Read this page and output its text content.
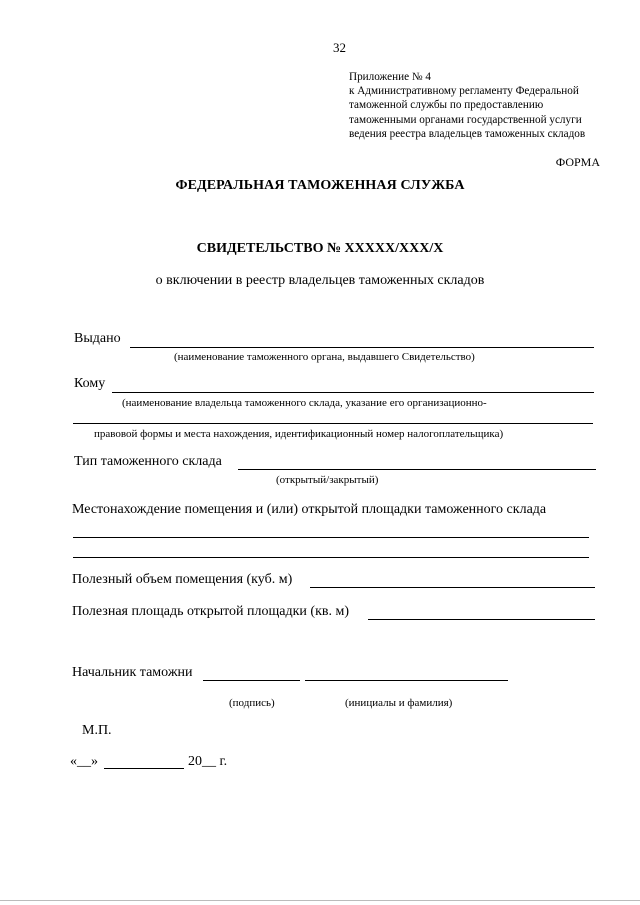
32
Приложение № 4
к Административному регламенту Федеральной
таможенной службы по предоставлению
таможенными органами государственной услуги
ведения реестра владельцев таможенных складов
ФОРМА
ФЕДЕРАЛЬНАЯ ТАМОЖЕННАЯ СЛУЖБА
СВИДЕТЕЛЬСТВО № XXXXX/XXX/X
о включении в реестр владельцев таможенных складов
Выдано
(наименование таможенного органа, выдавшего Свидетельство)
Кому
(наименование владельца таможенного склада, указание его организационно-
правовой формы и места нахождения, идентификационный номер налогоплательщика)
Тип таможенного склада
(открытый/закрытый)
Местонахождение помещения и (или) открытой площадки таможенного склада
Полезный объем помещения (куб. м)
Полезная площадь открытой площадки (кв. м)
Начальник таможни
(подпись)	(инициалы и фамилия)
М.П.
«__»	20__ г.
